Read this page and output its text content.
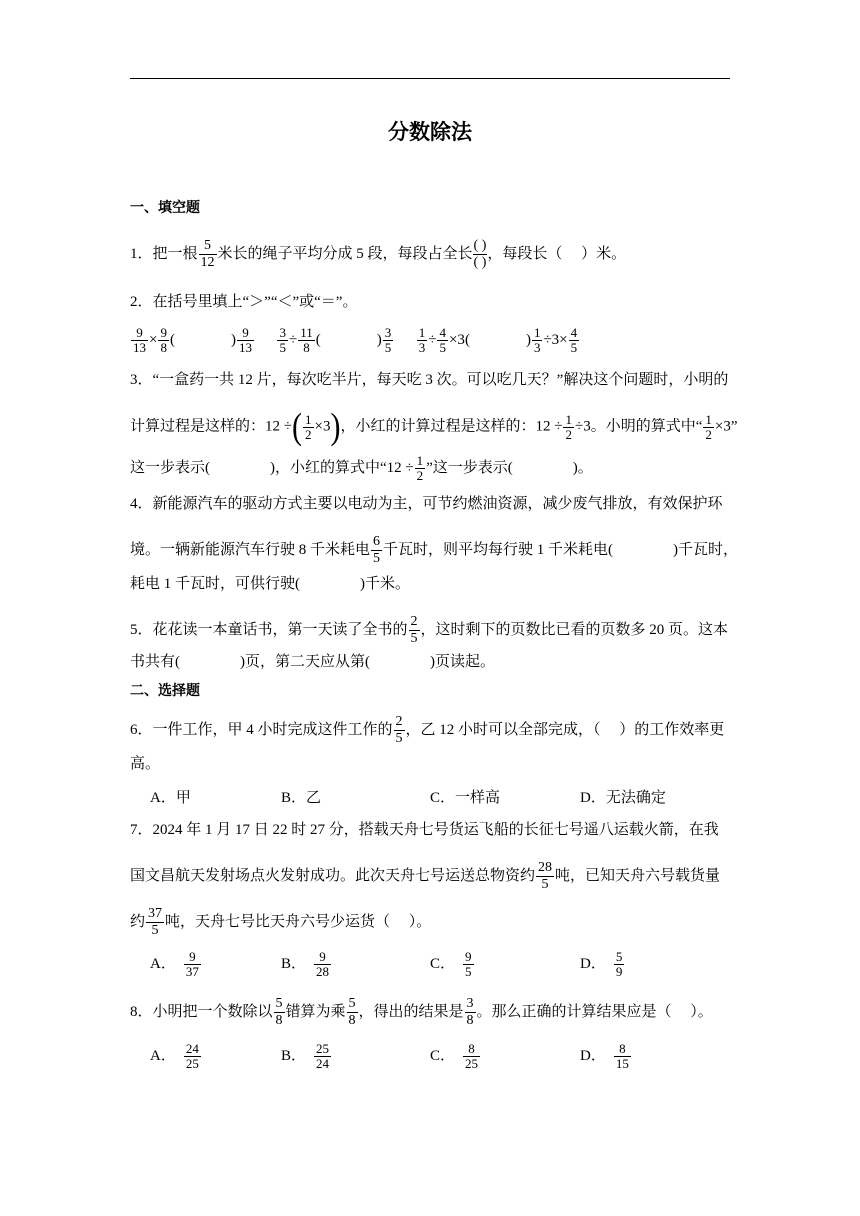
分数除法
一、填空题
1．把一根 $\frac{5}{12}$ 米长的绳子平均分成 5 段，每段占全长
( )
( )，每段长（　 ）米。
2．在括号里填上“＞”“＜”或“＝”。
$\frac{9}{13} \times \frac{9}{8}$ (	) $\frac{9}{13}$
$\frac{3}{5} \div \frac{11}{8}$ (	) $\frac{3}{5}$
$\frac{1}{3} \div \frac{4}{5} \times 3$(	) $\frac{1}{3} \div 3\times \frac{4}{5}$
3．“一盒药一共 12 片，每次吃半片，每天吃 3 次。可以吃几天？”解决这个问题时，小明的
计算过程是这样的：12 ÷( $\frac{1}{2} \times 3$)，小红的计算过程是这样的：$12 \div \frac{1}{2} \div 3$。小明的算式中“ $\frac{1}{2} \times 3$”
这一步表示(　　　　)，小红的算式中“$12 \div \frac{1}{2}$ ”这一步表示(　　　　)。
4．新能源汽车的驱动方式主要以电动为主，可节约燃油资源，减少废气排放，有效保护环
境。一辆新能源汽车行驶 8 千米耗电 $\frac{6}{5}$ 千瓦时，则平均每行驶 1 千米耗电(　　　　)千瓦时，
耗电 1 千瓦时，可供行驶(　　　　)千米。
5．花花读一本童话书，第一天读了全书的 $\frac{2}{5}$ ，这时剩下的页数比已看的页数多 20 页。这本
书共有(　　　　)页，第二天应从第(　　　　)页读起。
二、选择题
6．一件工作，甲 4 小时完成这件工作的 $\frac{2}{5}$ ，乙 12 小时可以全部完成，（　 ）的工作效率更
高。
A．甲	B．乙	C．一样高	D．无法确定
7．2024 年 1 月 17 日 22 时 27 分，搭载天舟七号货运飞船的长征七号遥八运载火箭，在我
国文昌航天发射场点火发射成功。此次天舟七号运送总物资约 $\frac{28}{5}$ 吨，已知天舟六号载货量
约 $\frac{37}{5}$ 吨，天舟七号比天舟六号少运货（　 ）。
A． $\frac{9}{37}$	B． $\frac{9}{28}$	C． $\frac{9}{5}$	D． $\frac{5}{9}$
8．小明把一个数除以 $\frac{5}{8}$ 错算为乘 $\frac{5}{8}$ ，得出的结果是 $\frac{3}{8}$ 。那么正确的计算结果应是（　 ）。
A． $\frac{24}{25}$	B． $\frac{25}{24}$	C． $\frac{8}{25}$	D． $\frac{8}{15}$
